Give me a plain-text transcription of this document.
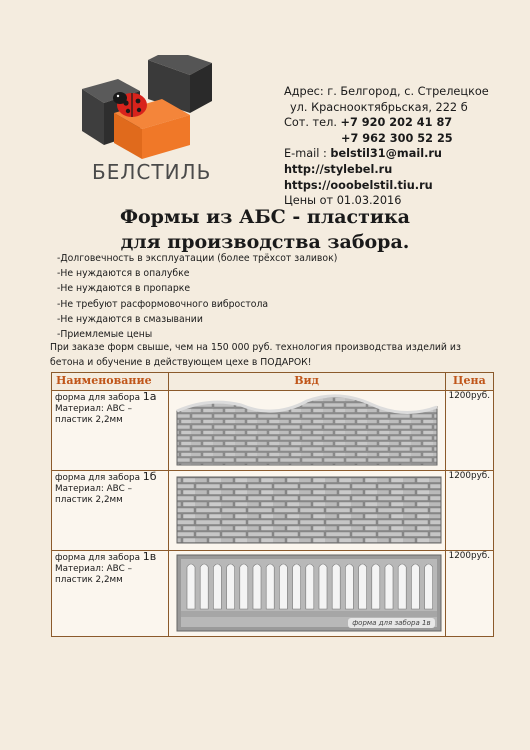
БЕЛСТИЛЬ
Адрес: г. Белгород, с. Стрелецкое
ул. Краснооктябрьская, 222 б
Сот. тел. +7 920 202 41 87
+7 962 300 52 25
E-mail : belstil31@mail.ru
http://stylebel.ru
https://ooobelstil.tiu.ru
Цены от 01.03.2016
Формы из АБС - пластика
для производства забора.
-Долговечность в эксплуатации (более трёхсот заливок)
-Не нуждаются в опалубке
-Не нуждаются в пропарке
-Не требуют расформовочного вибростола
-Не нуждаются в смазывании
-Приемлемые цены
При заказе форм свыше, чем на 150 000 руб. технология производства изделий из бетона и обучение в действующем цехе в ПОДАРОК!
Наименование	Вид	Цена
форма для забора 1а
Материал: АВС – пластик 2,2мм		1200руб.
форма для забора 1б
Материал: АВС – пластик 2,2мм		1200руб.
форма для забора 1в
Материал: АВС – пластик 2,2мм	форма для забора 1в	1200руб.
